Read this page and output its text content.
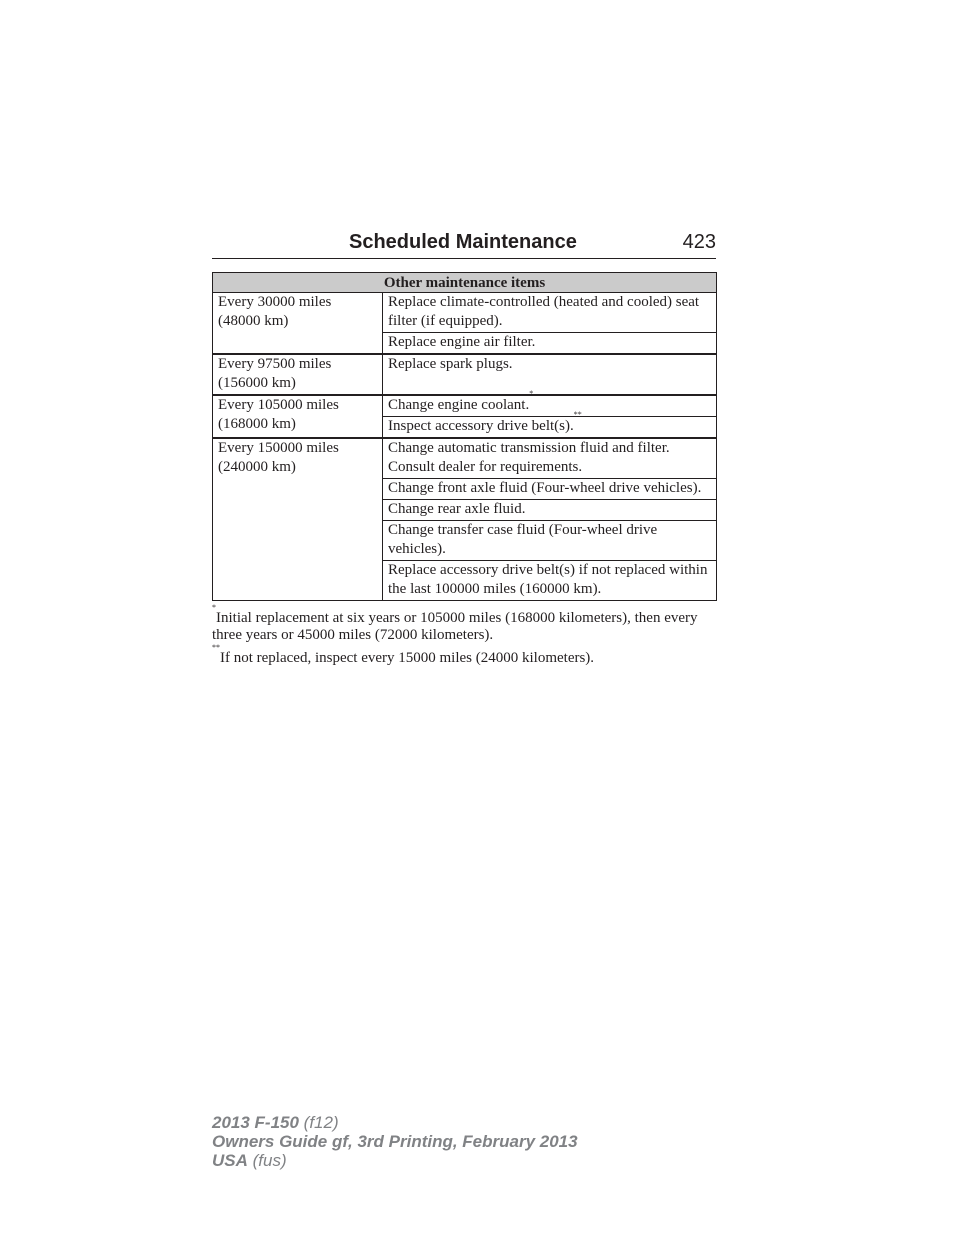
Scheduled Maintenance	423
Other maintenance items	
Every 30000 miles
(48000 km)	Replace climate-controlled (heated and cooled) seat filter (if equipped).
	Replace engine air filter.
Every 97500 miles
(156000 km)	Replace spark plugs.
Every 105000 miles
(168000 km)	Change engine coolant.*
	Inspect accessory drive belt(s).**
Every 150000 miles
(240000 km)	Change automatic transmission fluid and filter. Consult dealer for requirements.
	Change front axle fluid (Four-wheel drive vehicles).
	Change rear axle fluid.
	Change transfer case fluid (Four-wheel drive vehicles).
	Replace accessory drive belt(s) if not replaced within the last 100000 miles (160000 km).

*Initial replacement at six years or 105000 miles (168000 kilometers), then every three years or 45000 miles (72000 kilometers).

**If not replaced, inspect every 15000 miles (24000 kilometers).

2013 F-150 (f12)
Owners Guide gf, 3rd Printing, February 2013
USA (fus)
